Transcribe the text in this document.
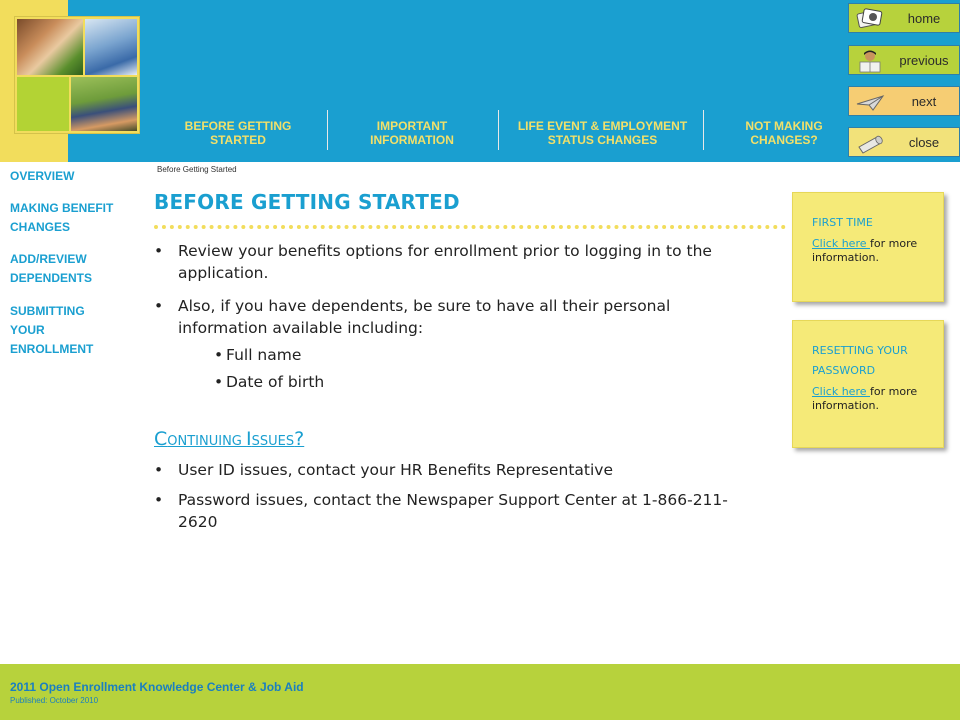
BEFORE GETTING STARTED
IMPORTANT INFORMATION
LIFE EVENT & EMPLOYMENT STATUS CHANGES
NOT MAKING CHANGES?
home
previous
next
close
OVERVIEW
MAKING BENEFIT CHANGES
ADD/REVIEW DEPENDENTS
SUBMITTING YOUR ENROLLMENT
Before Getting Started
BEFORE GETTING STARTED
• Review your benefits options for enrollment prior to logging in to the application.
• Also, if you have dependents, be sure to have all their personal information available including:
• Full name
• Date of birth
CONTINUING ISSUES?
• User ID issues, contact your HR Benefits Representative
• Password issues, contact the Newspaper Support Center at 1-866-211-2620
FIRST TIME
Click here for more information.
RESETTING YOUR PASSWORD
Click here for more information.
2011 Open Enrollment Knowledge Center & Job Aid
Published: October 2010
